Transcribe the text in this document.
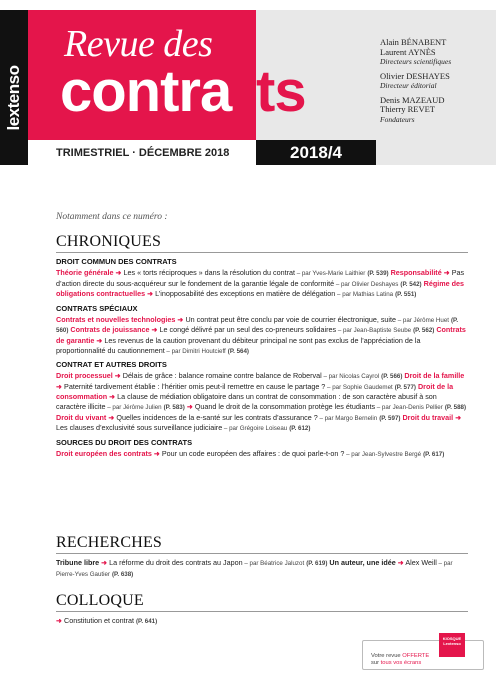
lextenso
Revue des
contra ts
Alain BÉNABENT
Laurent AYNÈS
Directeurs scientifiques
Olivier DESHAYES
Directeur éditorial
Denis MAZEAUD
Thierry REVET
Fondateurs
TRIMESTRIEL · DÉCEMBRE 2018	2018/4
Notamment dans ce numéro :
CHRONIQUES
DROIT COMMUN DES CONTRATS
Théorie générale ➜ Les « torts réciproques » dans la résolution du contrat – par Yves-Marie Laithier (P. 539) Responsabilité ➜ Pas d’action directe du sous-acquéreur sur le fondement de la garantie légale de conformité – par Olivier Deshayes (P. 542) Régime des obligations contractuelles ➜ L’inopposabilité des exceptions en matière de délégation – par Mathias Latina (P. 551)
CONTRATS SPÉCIAUX
Contrats et nouvelles technologies ➜ Un contrat peut être conclu par voie de courrier électronique, suite – par Jérôme Huet (P. 560) Contrats de jouissance ➜ Le congé délivré par un seul des co-preneurs solidaires – par Jean-Baptiste Seube (P. 562) Contrats de garantie ➜ Les revenus de la caution provenant du débiteur principal ne sont pas exclus de l’appréciation de la proportionnalité du cautionnement – par Dimitri Houtcieff (P. 564)
CONTRAT ET AUTRES DROITS
Droit processuel ➜ Délais de grâce : balance romaine contre balance de Roberval – par Nicolas Cayrol (P. 566) Droit de la famille ➜ Paternité tardivement établie : l’héritier omis peut-il remettre en cause le partage ? – par Sophie Gaudemet (P. 577) Droit de la consommation ➜ La clause de médiation obligatoire dans un contrat de consommation : de son caractère abusif à son caractère illicite – par Jérôme Julien (P. 583) ➜ Quand le droit de la consommation protège les étudiants – par Jean-Denis Pellier (P. 588) Droit du vivant ➜ Quelles incidences de la e-santé sur les contrats d’assurance ? – par Margo Bernelin (P. 597) Droit du travail ➜ Les clauses d’exclusivité sous surveillance judiciaire – par Grégoire Loiseau (P. 612)
SOURCES DU DROIT DES CONTRATS
Droit européen des contrats ➜ Pour un code européen des affaires : de quoi parle-t-on ? – par Jean-Sylvestre Bergé (P. 617)
RECHERCHES
Tribune libre ➜ La réforme du droit des contrats au Japon – par Béatrice Jaluzot (P. 619) Un auteur, une idée ➜ Alex Weill – par Pierre-Yves Gautier (P. 638)
COLLOQUE
➜ Constitution et contrat (P. 641)
Votre revue OFFERTE
sur tous vos écrans
KIOSQUE
Lextenso
